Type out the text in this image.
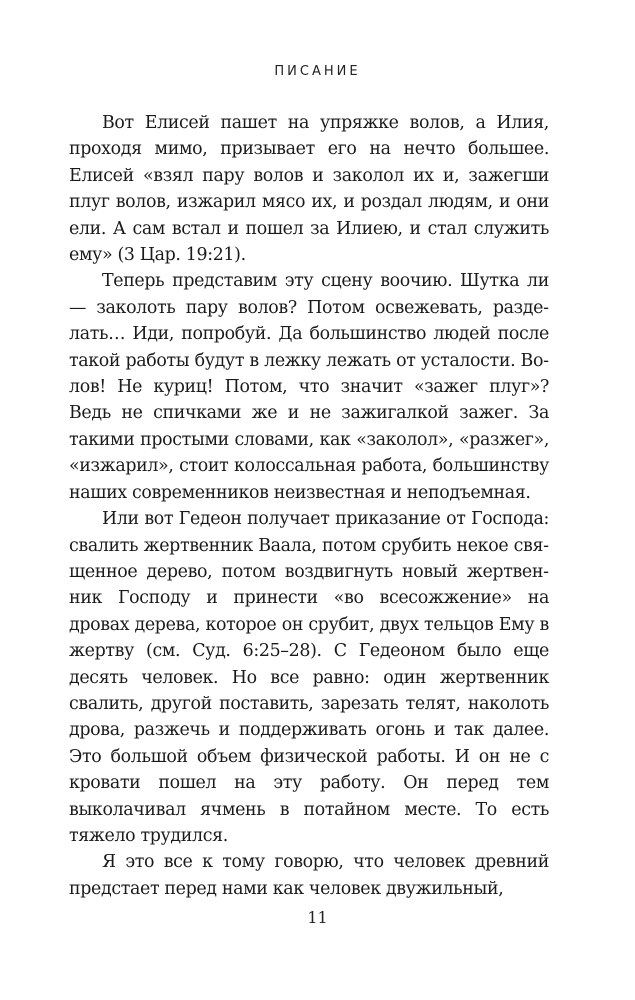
ПИСАНИЕ

Вот Елисей пашет на упряжке волов, а Илия, проходя мимо, призывает его на нечто большее. Елисей «взял пару волов и заколол их и, зажегши плуг волов, изжарил мясо их, и роздал людям, и они ели. А сам встал и пошел за Илиею, и стал служить ему» (3 Цар. 19:21).

Теперь представим эту сцену воочию. Шутка ли — заколоть пару волов? Потом освежевать, разделать… Иди, попробуй. Да большинство людей после такой работы будут в лежку лежать от усталости. Волов! Не куриц! Потом, что значит «зажег плуг»? Ведь не спичками же и не зажигалкой зажег. За такими простыми словами, как «заколол», «разжег», «изжарил», стоит колоссальная работа, большинству наших современников неизвестная и неподъемная.

Или вот Гедеон получает приказание от Господа: свалить жертвенник Ваала, потом срубить некое священное дерево, потом воздвигнуть новый жертвенник Господу и принести «во всесожжение» на дровах дерева, которое он срубит, двух тельцов Ему в жертву (см. Суд. 6:25–28). С Гедеоном было еще десять человек. Но все равно: один жертвенник свалить, другой поставить, зарезать телят, наколоть дрова, разжечь и поддерживать огонь и так далее. Это большой объем физической работы. И он не с кровати пошел на эту работу. Он перед тем выколачивал ячмень в потайном месте. То есть тяжело трудился.

Я это все к тому говорю, что человек древний предстает перед нами как человек двужильный,

11
